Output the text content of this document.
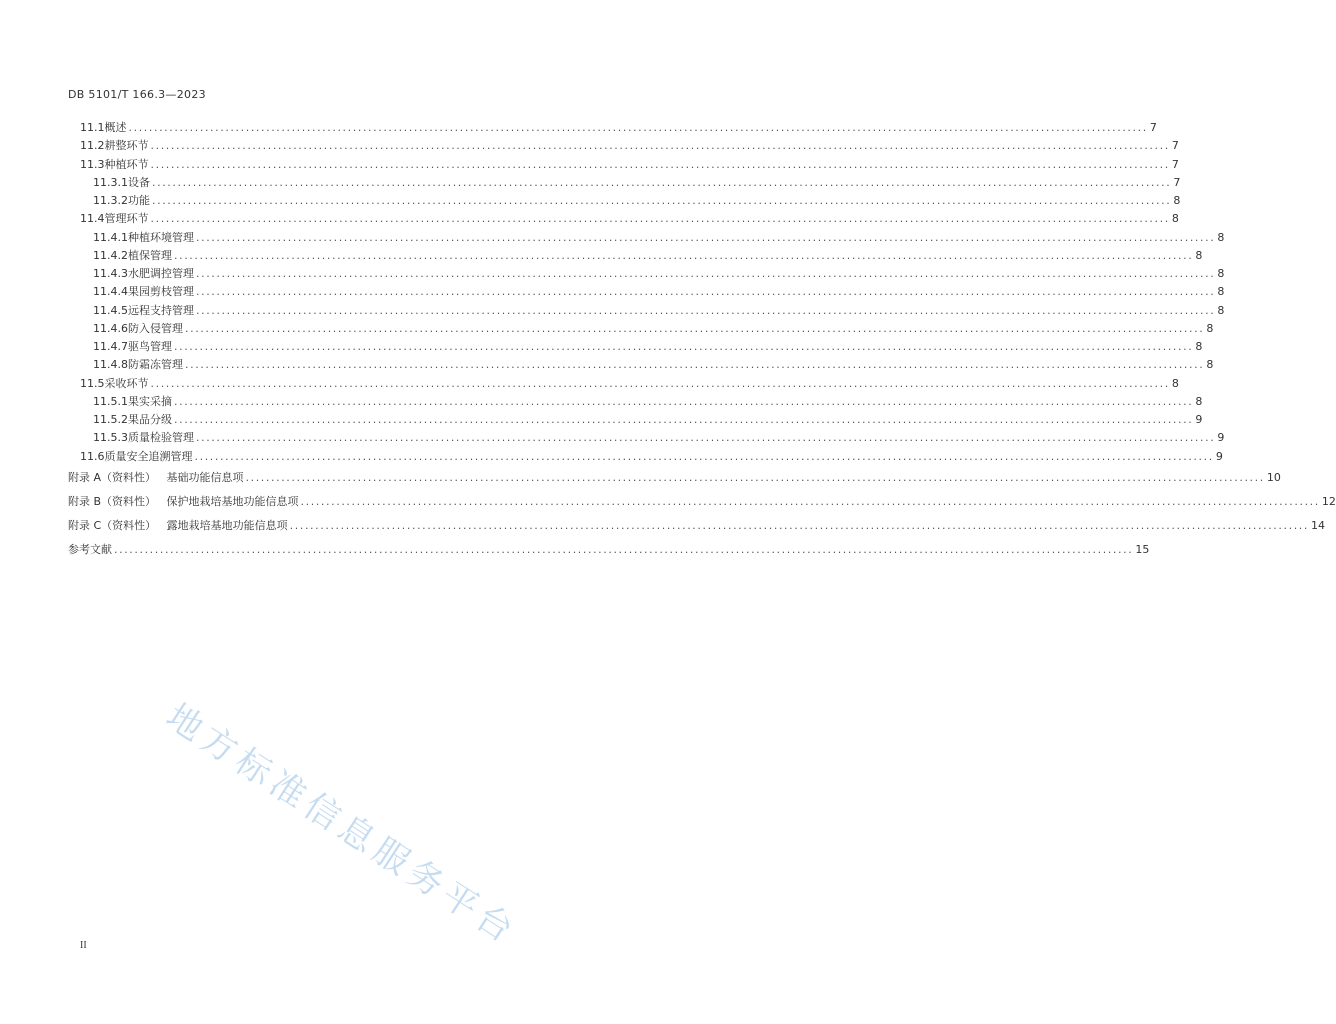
DB 5101/T 166.3—2023
11.1 概述 ........................................................................................................................................................................................................ 7
11.2 耕整环节 ........................................................................................................................................................................................................ 7
11.3 种植环节 ........................................................................................................................................................................................................ 7
11.3.1 设备 ........................................................................................................................................................................................................ 7
11.3.2 功能 ........................................................................................................................................................................................................ 8
11.4 管理环节 ........................................................................................................................................................................................................ 8
11.4.1 种植环境管理 ........................................................................................................................................................................................................ 8
11.4.2 植保管理 ........................................................................................................................................................................................................ 8
11.4.3 水肥调控管理 ........................................................................................................................................................................................................ 8
11.4.4 果园剪枝管理 ........................................................................................................................................................................................................ 8
11.4.5 远程支持管理 ........................................................................................................................................................................................................ 8
11.4.6 防入侵管理 ........................................................................................................................................................................................................ 8
11.4.7 驱鸟管理 ........................................................................................................................................................................................................ 8
11.4.8 防霜冻管理 ........................................................................................................................................................................................................ 8
11.5 采收环节 ........................................................................................................................................................................................................ 8
11.5.1 果实采摘 ........................................................................................................................................................................................................ 8
11.5.2 果品分级 ........................................................................................................................................................................................................ 9
11.5.3 质量检验管理 ........................................................................................................................................................................................................ 9
11.6 质量安全追溯管理 ........................................................................................................................................................................................................ 9
附录 A（资料性）   基础功能信息项 ........................................................................................................................................................................................................ 10
附录 B（资料性）   保护地栽培基地功能信息项 ........................................................................................................................................................................................................ 12
附录 C（资料性）   露地栽培基地功能信息项 ........................................................................................................................................................................................................ 14
参考文献 ........................................................................................................................................................................................................ 15
地方标准信息服务平台
II
